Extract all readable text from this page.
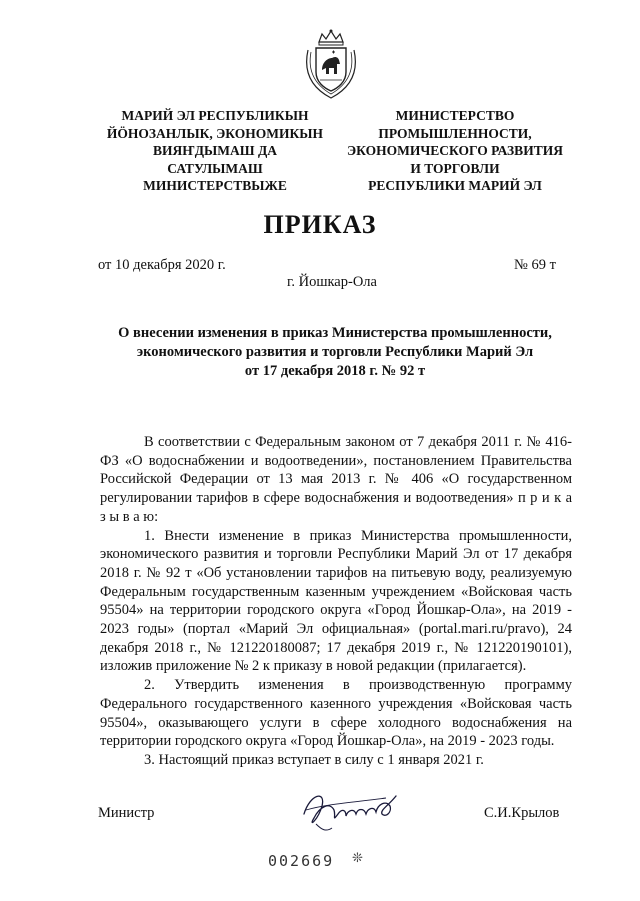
МАРИЙ ЭЛ РЕСПУБЛИКЫН
ЙӦНОЗАНЛЫК, ЭКОНОМИКЫН
ВИЯҤДЫМАШ ДА
САТУЛЫМАШ
МИНИСТЕРСТВЫЖЕ
МИНИСТЕРСТВО
ПРОМЫШЛЕННОСТИ,
ЭКОНОМИЧЕСКОГО РАЗВИТИЯ
И ТОРГОВЛИ
РЕСПУБЛИКИ МАРИЙ ЭЛ
ПРИКАЗ
от 10 декабря 2020 г.	№ 69 т
г. Йошкар-Ола
О внесении изменения в приказ Министерства промышленности,
экономического развития и торговли Республики Марий Эл
от 17 декабря 2018 г. № 92 т

В соответствии с Федеральным законом от 7 декабря 2011 г. № 416-ФЗ «О водоснабжении и водоотведении», постановлением Правительства Российской Федерации от 13 мая 2013 г. № 406 «О государственном регулировании тарифов в сфере водоснабжения и водоотведения» п р и к а з ы в а ю:

1. Внести изменение в приказ Министерства промышленности, экономического развития и торговли Республики Марий Эл от 17 декабря 2018 г. № 92 т «Об установлении тарифов на питьевую воду, реализуемую Федеральным государственным казенным учреждением «Войсковая часть 95504» на территории городского округа «Город Йошкар-Ола», на 2019 - 2023 годы» (портал «Марий Эл официальная» (portal.mari.ru/pravo), 24 декабря 2018 г., № 121220180087; 17 декабря 2019 г., № 121220190101), изложив приложение № 2 к приказу в новой редакции (прилагается).

2. Утвердить изменения в производственную программу Федерального государственного казенного учреждения «Войсковая часть 95504», оказывающего услуги в сфере холодного водоснабжения на территории городского округа «Город Йошкар-Ола», на 2019 - 2023 годы.

3. Настоящий приказ вступает в силу с 1 января 2021 г.

Министр	С.И.Крылов
002669 ❊
